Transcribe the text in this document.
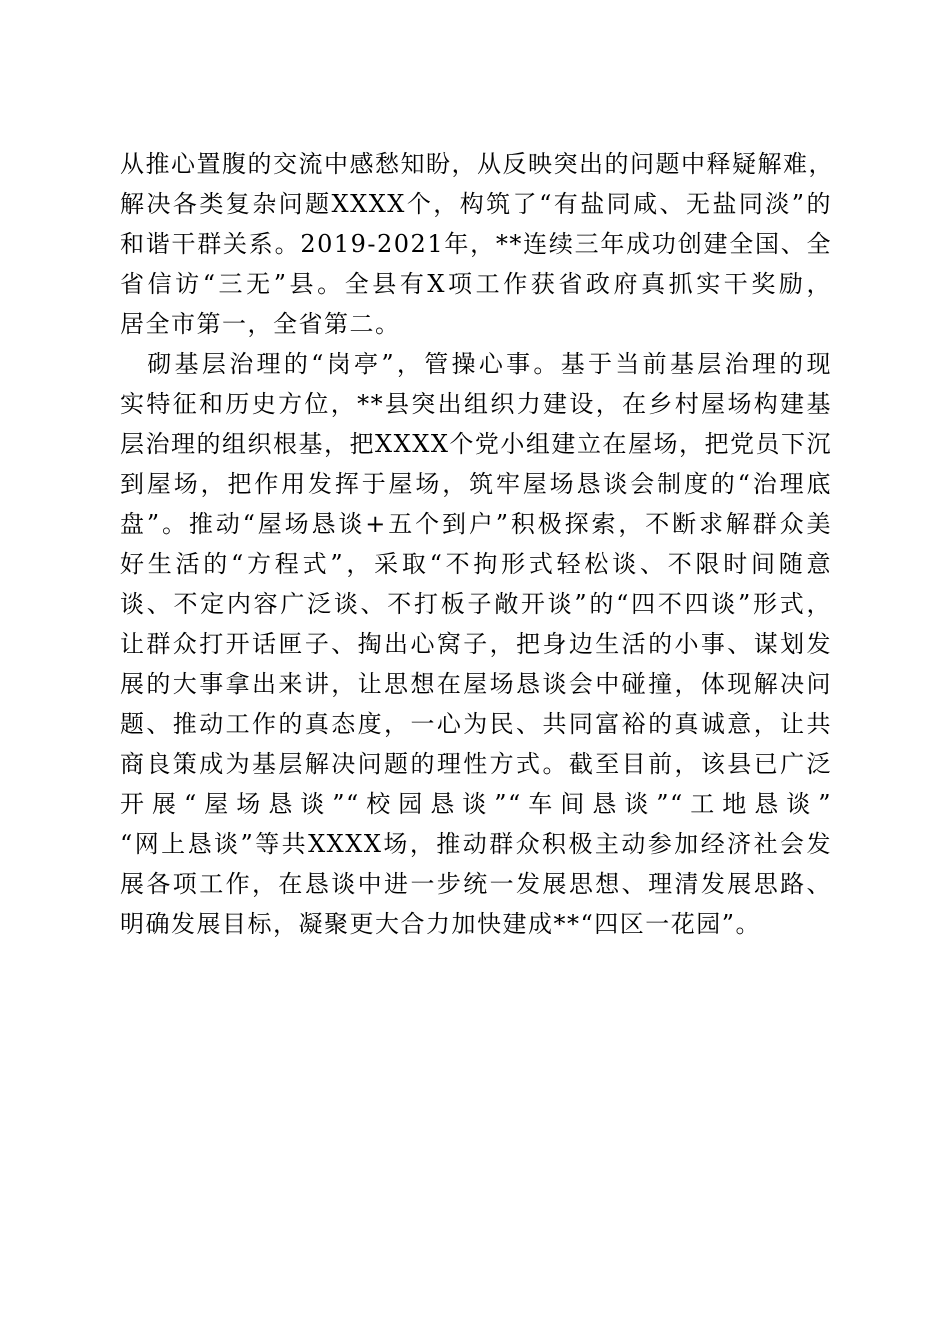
从推心置腹的交流中感愁知盼，从反映突出的问题中释疑解难，
解决各类复杂问题XXXX个，构筑了“有盐同咸、无盐同淡”的
和谐干群关系。2019-2021年，**连续三年成功创建全国、全
省信访“三无”县。全县有X项工作获省政府真抓实干奖励，
居全市第一，全省第二。
　砌基层治理的“岗亭”，管操心事。基于当前基层治理的现
实特征和历史方位，**县突出组织力建设，在乡村屋场构建基
层治理的组织根基，把XXXX个党小组建立在屋场，把党员下沉
到屋场，把作用发挥于屋场，筑牢屋场恳谈会制度的“治理底
盘”。推动“屋场恳谈+五个到户”积极探索，不断求解群众美
好生活的“方程式”，采取“不拘形式轻松谈、不限时间随意
谈、不定内容广泛谈、不打板子敞开谈”的“四不四谈”形式，
让群众打开话匣子、掏出心窝子，把身边生活的小事、谋划发
展的大事拿出来讲，让思想在屋场恳谈会中碰撞，体现解决问
题、推动工作的真态度，一心为民、共同富裕的真诚意，让共
商良策成为基层解决问题的理性方式。截至目前，该县已广泛
开展“屋场恳谈”“校园恳谈”“车间恳谈”“工地恳谈”
“网上恳谈”等共XXXX场，推动群众积极主动参加经济社会发
展各项工作，在恳谈中进一步统一发展思想、理清发展思路、
明确发展目标，凝聚更大合力加快建成**“四区一花园”。
